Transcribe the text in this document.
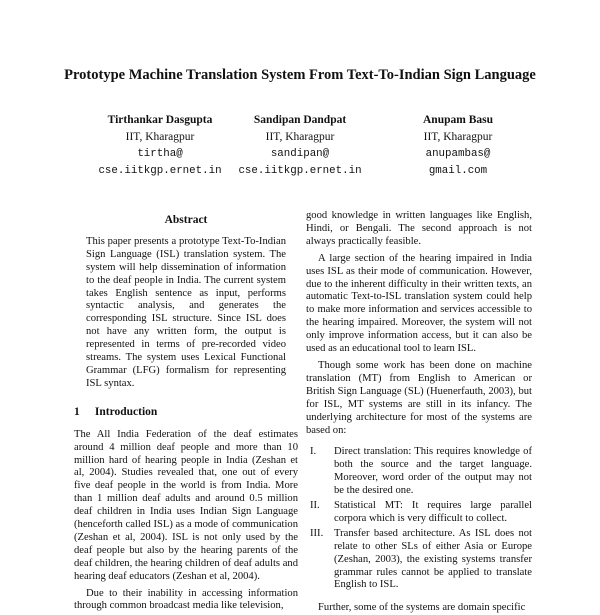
Prototype Machine Translation System From Text-To-Indian Sign Language
Tirthankar Dasgupta
IIT, Kharagpur
tirtha@
cse.iitkgp.ernet.in
Sandipan Dandpat
IIT, Kharagpur
sandipan@
cse.iitkgp.ernet.in
Anupam Basu
IIT, Kharagpur
anupambas@
gmail.com
Abstract

This paper presents a prototype Text-To-Indian Sign Language (ISL) translation system. The system will help dissemination of information to the deaf people in India. The current system takes English sentence as input, performs syntactic analysis, and generates the corresponding ISL structure. Since ISL does not have any written form, the output is represented in terms of pre-recorded video streams. The system uses Lexical Functional Grammar (LFG) formalism for representing ISL syntax.

1 Introduction

The All India Federation of the deaf estimates around 4 million deaf people and more than 10 million hard of hearing people in India (Zeshan et al, 2004). Studies revealed that, one out of every five deaf people in the world is from India. More than 1 million deaf adults and around 0.5 million deaf children in India uses Indian Sign Language (henceforth called ISL) as a mode of communication (Zeshan et al, 2004). ISL is not only used by the deaf people but also by the hearing parents of the deaf children, the hearing children of deaf adults and hearing deaf educators (Zeshan et al, 2004).

Due to their inability in accessing information through common broadcast media like television,

good knowledge in written languages like English, Hindi, or Bengali. The second approach is not always practically feasible.

A large section of the hearing impaired in India uses ISL as their mode of communication. However, due to the inherent difficulty in their written texts, an automatic Text-to-ISL translation system could help to make more information and services accessible to the hearing impaired. Moreover, the system will not only improve information access, but it can also be used as an educational tool to learn ISL.

Though some work has been done on machine translation (MT) from English to American or British Sign Language (SL) (Huenerfauth, 2003), but for ISL, MT systems are still in its infancy. The underlying architecture for most of the systems are based on:

I.	Direct translation: This requires knowledge of both the source and the target language. Moreover, word order of the output may not be the desired one.
II.	Statistical MT: It requires large parallel corpora which is very difficult to collect.
III.	Transfer based architecture. As ISL does not relate to other SLs of either Asia or Europe (Zeshan, 2003), the existing systems transfer grammar rules cannot be applied to translate English to ISL.

Further, some of the systems are domain specific
